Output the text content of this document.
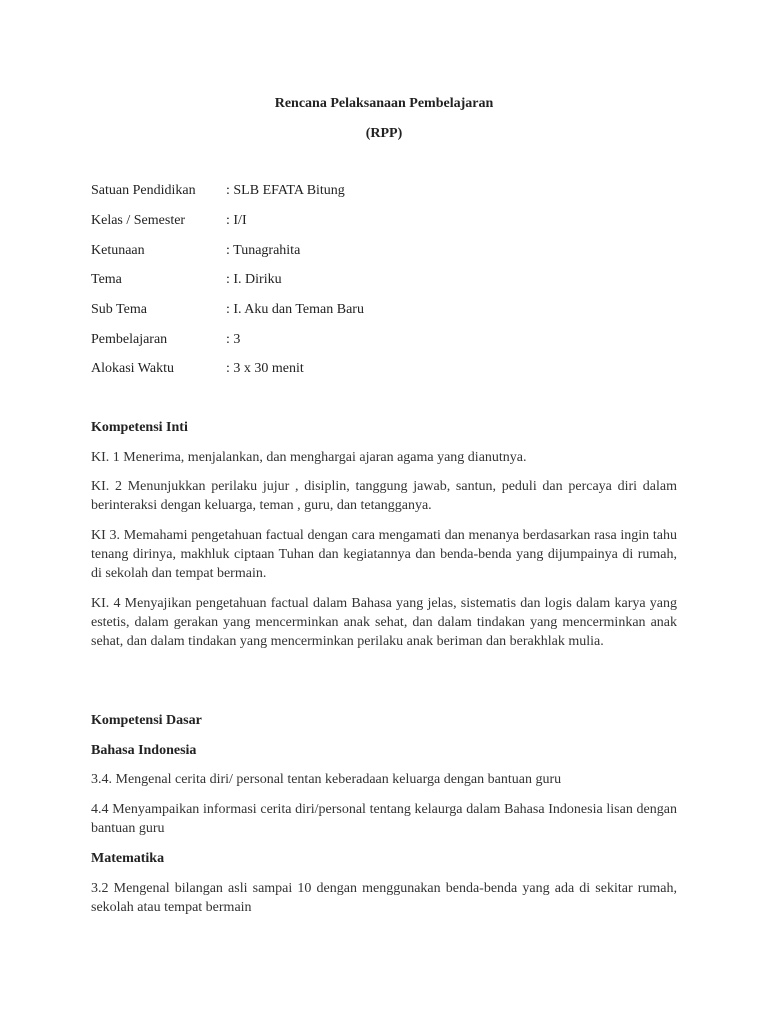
Rencana Pelaksanaan Pembelajaran
(RPP)
Satuan Pendidikan : SLB EFATA Bitung
Kelas / Semester	: I/I
Ketunaan	: Tunagrahita
Tema	: I. Diriku
Sub Tema	: I. Aku dan Teman Baru
Pembelajaran	: 3
Alokasi Waktu	: 3 x 30 menit
Kompetensi Inti

KI. 1 Menerima, menjalankan, dan menghargai ajaran agama yang dianutnya.

KI. 2 Menunjukkan perilaku jujur , disiplin, tanggung jawab, santun, peduli dan percaya diri dalam berinteraksi dengan keluarga, teman , guru, dan tetangganya.

KI 3. Memahami pengetahuan factual dengan cara mengamati dan menanya berdasarkan rasa ingin tahu tenang dirinya, makhluk ciptaan Tuhan dan kegiatannya dan benda-benda yang dijumpainya di rumah, di sekolah dan tempat bermain.

KI. 4 Menyajikan pengetahuan factual dalam Bahasa yang jelas, sistematis dan logis dalam karya yang estetis, dalam gerakan yang mencerminkan anak sehat, dan dalam tindakan yang mencerminkan anak sehat, dan dalam tindakan yang mencerminkan perilaku anak beriman dan berakhlak mulia.

Kompetensi Dasar
Bahasa Indonesia

3.4. Mengenal cerita diri/ personal tentan keberadaan keluarga dengan bantuan guru

4.4 Menyampaikan informasi cerita diri/personal tentang kelaurga dalam Bahasa Indonesia lisan dengan bantuan guru

Matematika

3.2 Mengenal bilangan asli sampai 10 dengan menggunakan benda-benda yang ada di sekitar rumah, sekolah atau tempat bermain
